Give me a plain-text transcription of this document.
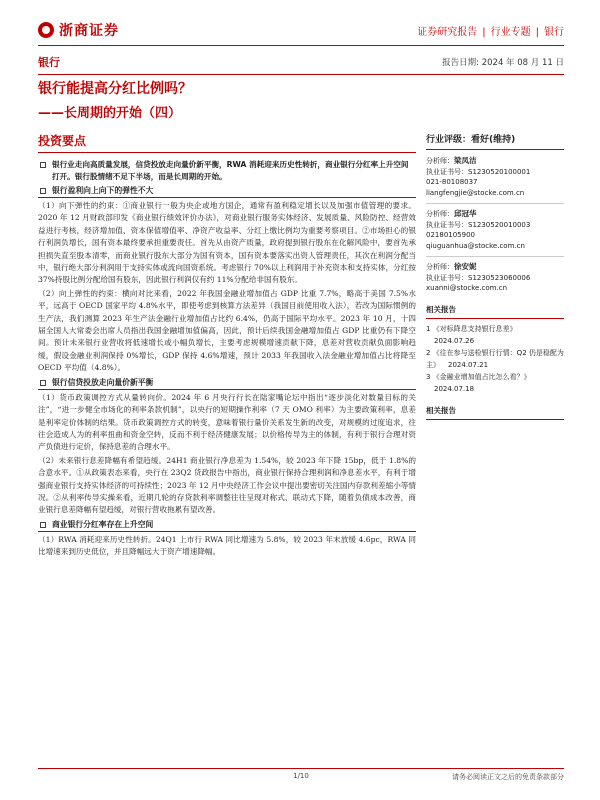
浙商证券	证券研究报告 | 行业专题 | 银行
银行	报告日期: 2024 年 08 月 11 日
银行能提高分红比例吗？
——长周期的开始（四）
投资要点
银行业走向高质量发展，信贷投放走向量价新平衡，RWA 消耗迎来历史性转折，商业银行分红率上升空间打开。银行股情绪不足下半场，而是长周期的开始。
银行盈利向上向下的弹性不大
（1）向下弹性的约束：①商业银行一般为央企或地方国企，通常有盈利稳定增长以及加强市值管理的要求。2020 年 12 月财政部印发《商业银行绩效评价办法》，对商业银行服务实体经济、发展质量、风险防控、经营效益进行考核，经济增加值、资本保值增值率、净资产收益率、分红上缴比例均为重要考察项目。②市场担心的银行利润负增长，国有资本最终要承担重要责任。首先从由资产质量，政府提到银行股东在化解风险中，要首先承担损失直至股本清零，而商业银行股东大部分为国有资本，国有资本要落实出资人管理责任，其次在利润分配当中，银行绝大部分利润用于支持实体或流向国资系统。考虑银行 70%以上利润用于补充资本和支持实体，分红按 37%持股比例分配给国有股东，因此银行利润仅有约 11%分配给非国有股东。
（2）向上弹性的约束：横向对比来看，2022 年我国金融业增加值占 GDP 比重 7.7%，略高于美国 7.5%水平，远高于 OECD 国家平均 4.8%水平，即使考虑到核算方法差异（我国目前使用收入法），若改为国际惯例的生产法，我们测算 2023 年生产法金融行业增加值占比约 6.4%，仍高于国际平均水平。2023 年 10 月，十四届全国人大常委会出席人员指出我国金融增加值偏高，因此，预计后续我国金融增加值占 GDP 比重仍有下降空间。预计未来银行业营收将低速增长或小幅负增长，主要考虑规模增速贡献下降，息差对营收贡献负面影响趋缓，假设金融业利润保持 0%增长，GDP 保持 4.6%增速，预计 2033 年我国收入法金融业增加值占比将降至 OECD 平均值（4.8%）。
银行信贷投放走向量价新平衡
（1）货币政策调控方式从量转向价。2024 年 6 月央行行长在陆家嘴论坛中指出“逐步淡化对数量目标的关注”，“进一步健全市场化的利率条款机制”，以央行的短期操作利率（7 天 OMO 利率）为主要政策利率，息差是利率定价体制的结果。货币政策调控方式的转变，意味着银行量价关系发生新的改变，对规模的过度追求，往往会造成人为的利率扭曲和资金空转，反而不利于经济健康发展；以价格传导为主的体制，有利于银行合理对资产负债进行定价，保持息差的合理水平。
（2）未来银行息差降幅有希望趋缓。24H1 商业银行净息差为 1.54%，较 2023 年下降 15bp，低于 1.8%的合意水平。①从政策表态来看，央行在 23Q2 货政报告中指出，商业银行保持合理利润和净息差水平，有利于增强商业银行支持实体经济的可持续性；2023 年 12 月中央经济工作会议中提出要密切关注国内存款利差缩小等情况。②从利率传导实操来看，近期几轮的存贷款利率调整往往呈现对称式、联动式下降，随着负债成本改善，商业银行息差降幅有望趋缓，对银行营收拖累有望改善。
商业银行分红率存在上升空间
（1）RWA 消耗迎来历史性转折。24Q1 上市行 RWA 同比增速为 5.8%，较 2023 年末放缓 4.6pc，RWA 同比增速来到历史低位，并且降幅远大于资产增速降幅。
行业评级：看好(维持)
分析师：梁凤洁
执业证书号：S1230520100001
021-80108037
liangfengjie@stocke.com.cn
分析师：邱冠华
执业证书号：S1230520010003
02180105900
qiuguanhua@stocke.com.cn
分析师：徐安妮
执业证书号：S1230523060006
xuanni@stocke.com.cn
相关报告
1 《对标降息支持银行息差》2024.07.26
2 《往在参与送检银行行情：Q2 仍是稳配为主》 2024.07.21
3 《金融业增加值占比怎么看？》2024.07.18
相关报告
1/10	请务必阅读正文之后的免责条款部分
